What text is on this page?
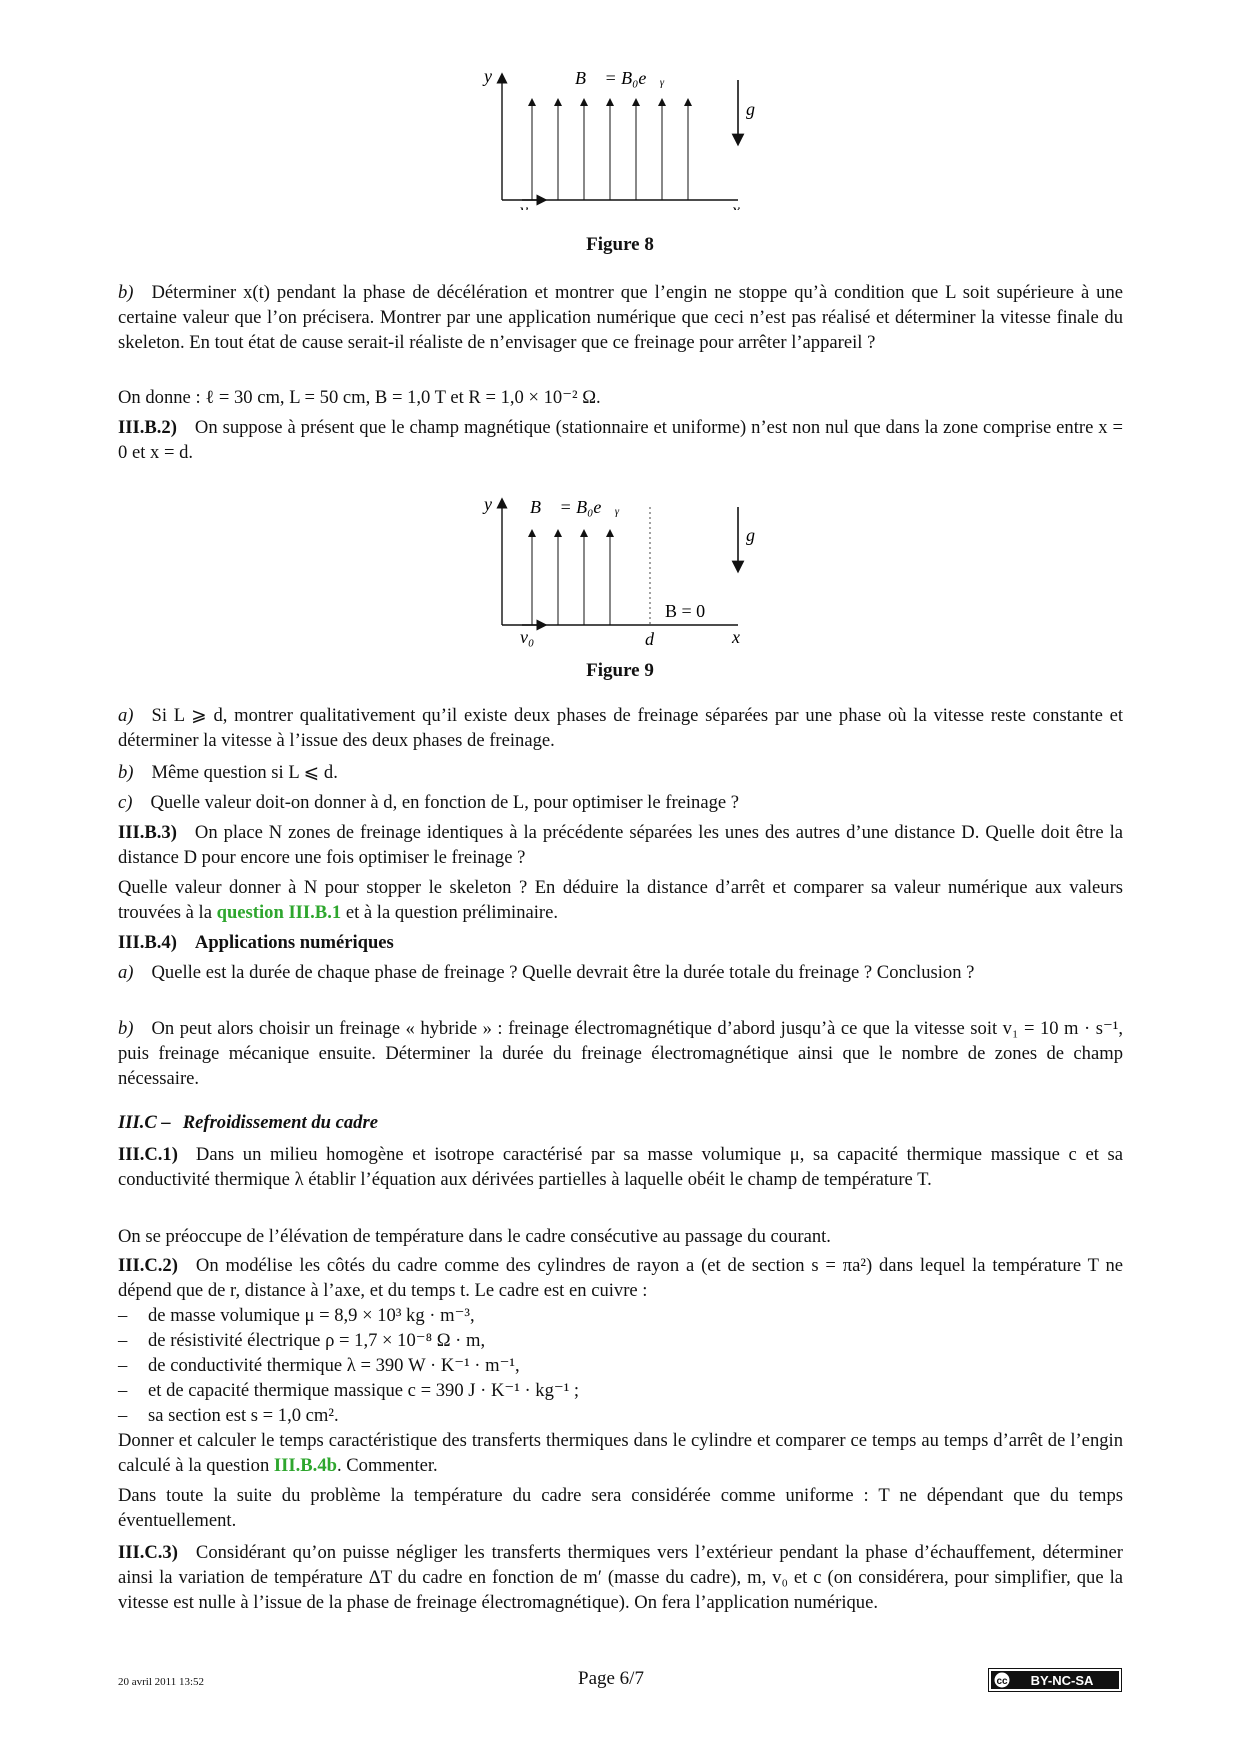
y	B⃗ = B₀e⃗ᵧ
g⃗
v₀	x
Figure 8

b) Déterminer x(t) pendant la phase de décélération et montrer que l’engin ne stoppe qu’à condition que L soit supérieure à une certaine valeur que l’on précisera. Montrer par une application numérique que ceci n’est pas réalisé et déterminer la vitesse finale du skeleton. En tout état de cause serait-il réaliste de n’envisager que ce freinage pour arrêter l’appareil ?

On donne : ℓ = 30 cm, L = 50 cm, B = 1,0 T et R = 1,0 × 10⁻² Ω.

III.B.2) On suppose à présent que le champ magnétique (stationnaire et uniforme) n’est non nul que dans la zone comprise entre x = 0 et x = d.

y B⃗ = B₀e⃗ᵧ
g⃗
B = 0
v₀	d	x
Figure 9

a) Si L ⩾ d, montrer qualitativement qu’il existe deux phases de freinage séparées par une phase où la vitesse reste constante et déterminer la vitesse à l’issue des deux phases de freinage.

b) Même question si L ⩽ d.

c) Quelle valeur doit-on donner à d, en fonction de L, pour optimiser le freinage ?

III.B.3) On place N zones de freinage identiques à la précédente séparées les unes des autres d’une distance D. Quelle doit être la distance D pour encore une fois optimiser le freinage ?

Quelle valeur donner à N pour stopper le skeleton ? En déduire la distance d’arrêt et comparer sa valeur numérique aux valeurs trouvées à la question III.B.1 et à la question préliminaire.

III.B.4) Applications numériques

a) Quelle est la durée de chaque phase de freinage ? Quelle devrait être la durée totale du freinage ? Conclusion ?

b) On peut alors choisir un freinage « hybride » : freinage électromagnétique d’abord jusqu’à ce que la vitesse soit v₁ = 10 m · s⁻¹, puis freinage mécanique ensuite. Déterminer la durée du freinage électromagnétique ainsi que le nombre de zones de champ nécessaire.

III.C – Refroidissement du cadre

III.C.1) Dans un milieu homogène et isotrope caractérisé par sa masse volumique μ, sa capacité thermique massique c et sa conductivité thermique λ établir l’équation aux dérivées partielles à laquelle obéit le champ de température T.

On se préoccupe de l’élévation de température dans le cadre consécutive au passage du courant.

III.C.2) On modélise les côtés du cadre comme des cylindres de rayon a (et de section s = πa²) dans lequel la température T ne dépend que de r, distance à l’axe, et du temps t. Le cadre est en cuivre :

– de masse volumique μ = 8,9 × 10³ kg · m⁻³,
– de résistivité électrique ρ = 1,7 × 10⁻⁸ Ω · m,
– de conductivité thermique λ = 390 W · K⁻¹ · m⁻¹,
– et de capacité thermique massique c = 390 J · K⁻¹ · kg⁻¹ ;
– sa section est s = 1,0 cm².

Donner et calculer le temps caractéristique des transferts thermiques dans le cylindre et comparer ce temps au temps d’arrêt de l’engin calculé à la question III.B.4b. Commenter.

Dans toute la suite du problème la température du cadre sera considérée comme uniforme : T ne dépendant que du temps éventuellement.

III.C.3) Considérant qu’on puisse négliger les transferts thermiques vers l’extérieur pendant la phase d’échauffement, déterminer ainsi la variation de température ΔT du cadre en fonction de m′ (masse du cadre), m, v₀ et c (on considérera, pour simplifier, que la vitesse est nulle à l’issue de la phase de freinage électromagnétique). On fera l’application numérique.

20 avril 2011 13:52	Page 6/7	cc BY-NC-SA
